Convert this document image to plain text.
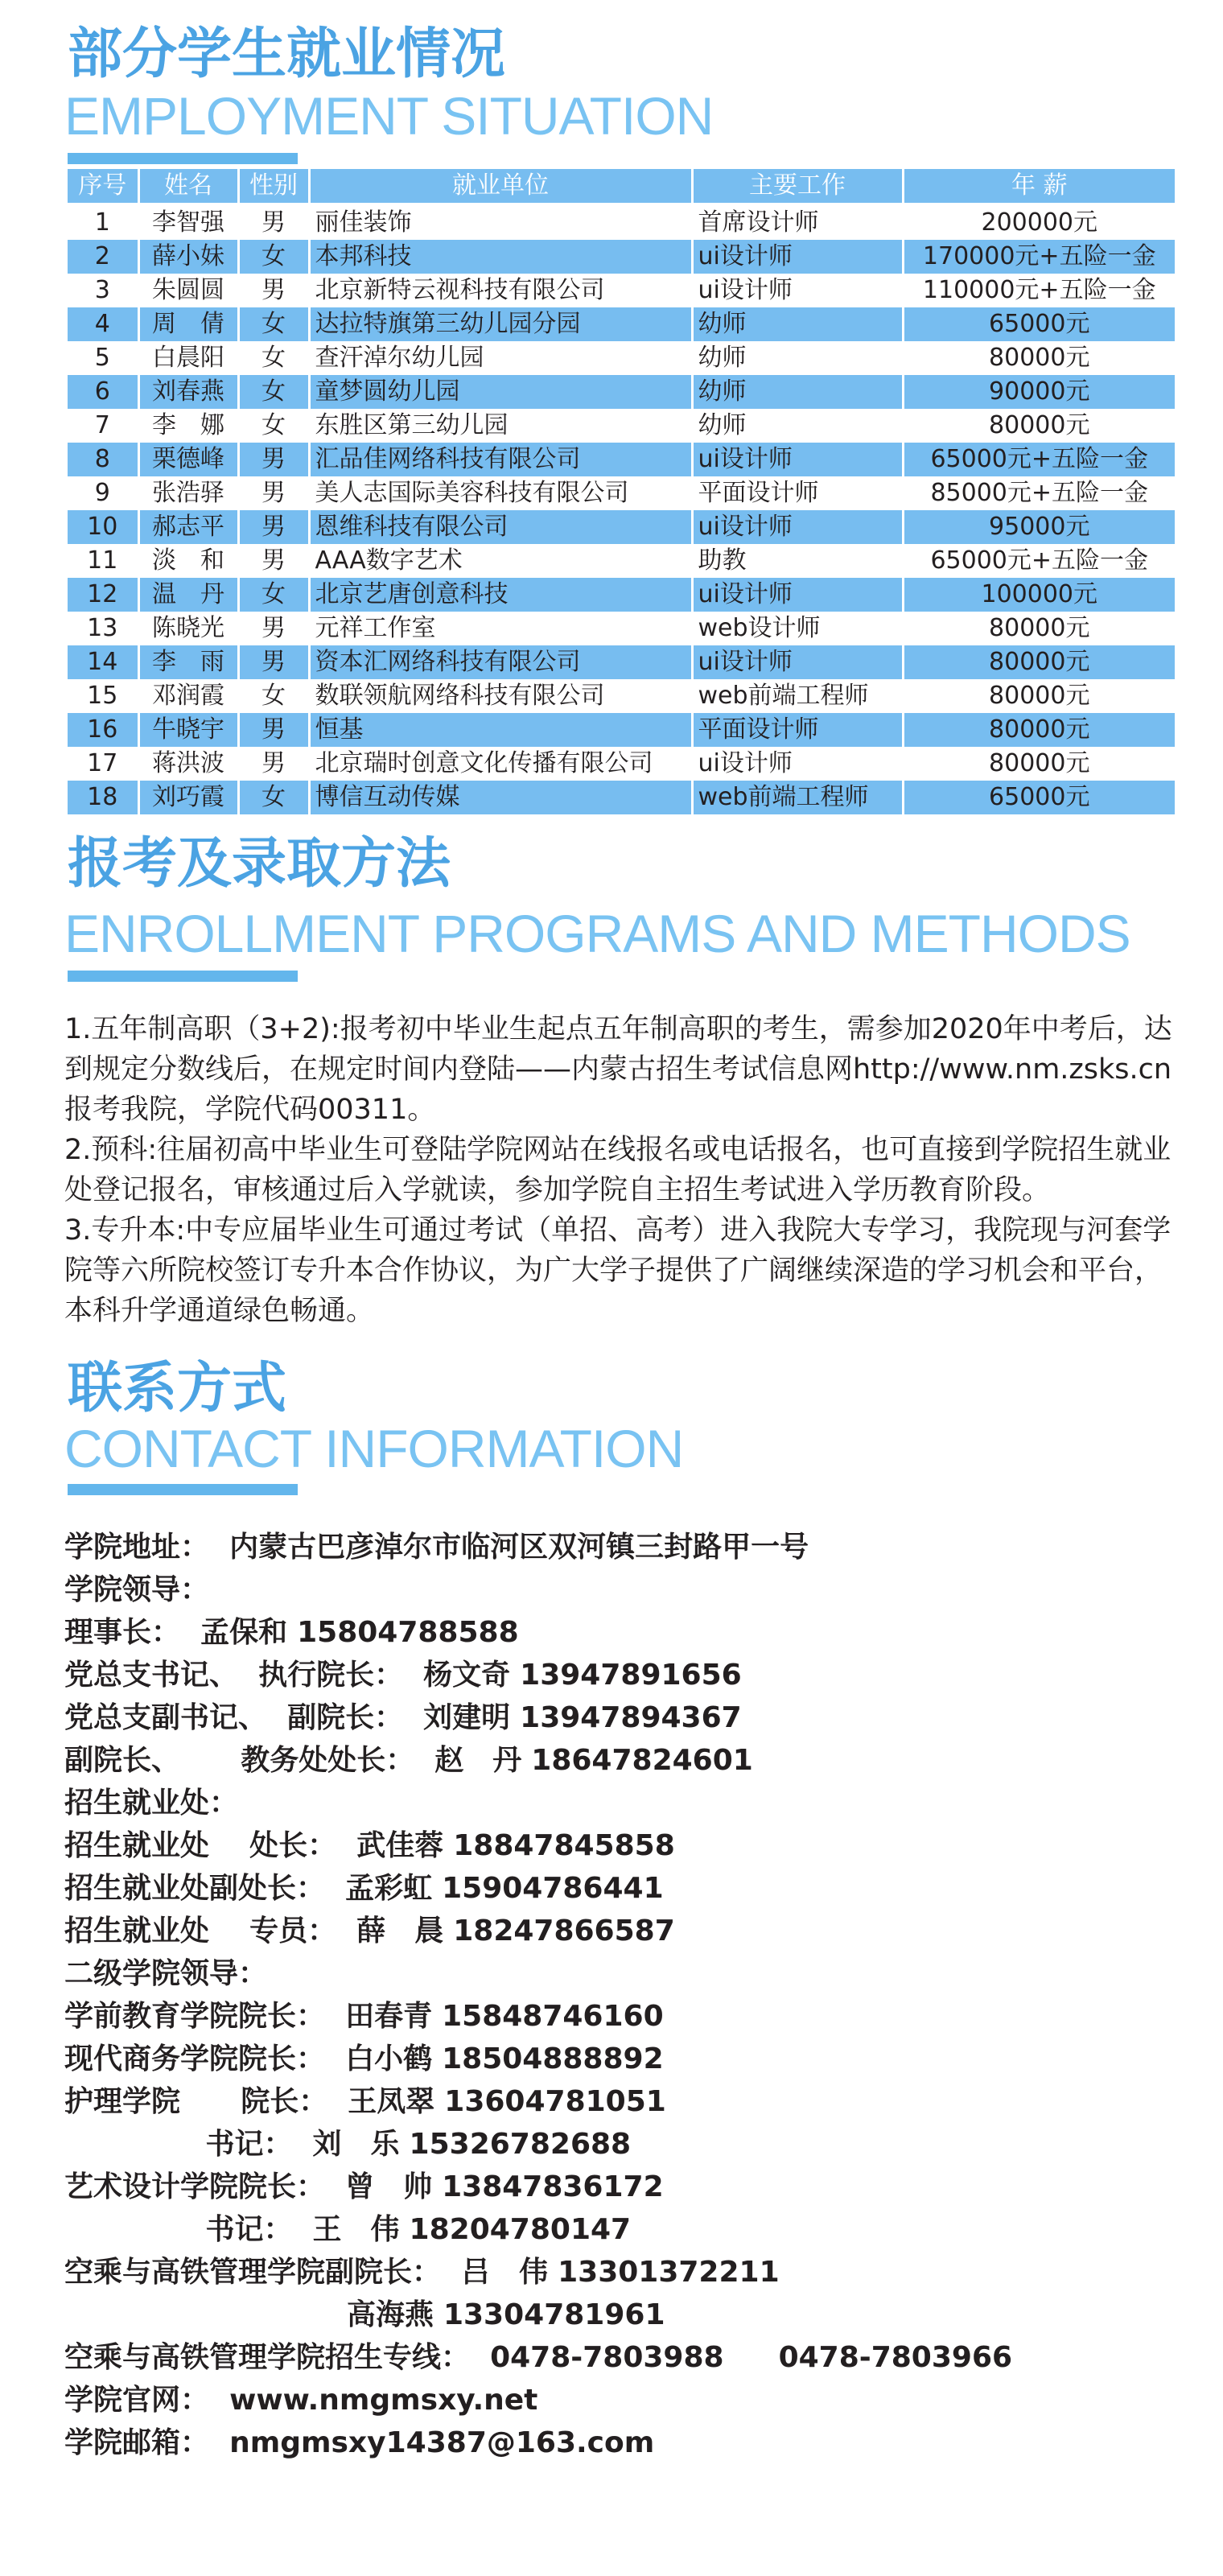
部分学生就业情况
EMPLOYMENT SITUATION
序号	姓名	性别	就业单位	主要工作	年 薪
1	李智强	男	丽佳装饰	首席设计师	200000元
2	薛小妹	女	本邦科技	ui设计师	170000元+五险一金
3	朱圆圆	男	北京新特云视科技有限公司	ui设计师	110000元+五险一金
4	周　倩	女	达拉特旗第三幼儿园分园	幼师	65000元
5	白晨阳	女	查汗淖尔幼儿园	幼师	80000元
6	刘春燕	女	童梦圆幼儿园	幼师	90000元
7	李　娜	女	东胜区第三幼儿园	幼师	80000元
8	栗德峰	男	汇品佳网络科技有限公司	ui设计师	65000元+五险一金
9	张浩驿	男	美人志国际美容科技有限公司	平面设计师	85000元+五险一金
10	郝志平	男	恩维科技有限公司	ui设计师	95000元
11	淡　和	男	AAA数字艺术	助教	65000元+五险一金
12	温　丹	女	北京艺唐创意科技	ui设计师	100000元
13	陈晓光	男	元祥工作室	web设计师	80000元
14	李　雨	男	资本汇网络科技有限公司	ui设计师	80000元
15	邓润霞	女	数联领航网络科技有限公司	web前端工程师	80000元
16	牛晓宇	男	恒基	平面设计师	80000元
17	蒋洪波	男	北京瑞时创意文化传播有限公司	ui设计师	80000元
18	刘巧霞	女	博信互动传媒	web前端工程师	65000元
报考及录取方法
ENROLLMENT PROGRAMS AND METHODS

1.五年制高职（3+2):报考初中毕业生起点五年制高职的考生，需参加2020年中考后，达到规定分数线后，在规定时间内登陆——内蒙古招生考试信息网http://www.nm.zsks.cn报考我院，学院代码00311。

2.预科:往届初高中毕业生可登陆学院网站在线报名或电话报名，也可直接到学院招生就业处登记报名，审核通过后入学就读，参加学院自主招生考试进入学历教育阶段。

3.专升本:中专应届毕业生可通过考试（单招、高考）进入我院大专学习，我院现与河套学院等六所院校签订专升本合作协议，为广大学子提供了广阔继续深造的学习机会和平台，本科升学通道绿色畅通。

联系方式
CONTACT INFORMATION
学院地址： 内蒙古巴彦淖尔市临河区双河镇三封路甲一号
学院领导：
理事长： 孟保和 15804788588
党总支书记、  执行院长： 杨文奇 13947891656
党总支副书记、  副院长： 刘建明 13947894367
副院长、      教务处处长： 赵　丹 18647824601
招生就业处：
招生就业处    处长： 武佳蓉 18847845858
招生就业处副处长： 孟彩虹 15904786441
招生就业处    专员： 薛　晨 18247866587
二级学院领导：
学前教育学院院长： 田春青 15848746160
现代商务学院院长： 白小鹤 18504888892
护理学院      院长： 王凤翠 13604781051
书记： 刘　乐 15326782688
艺术设计学院院长： 曾　帅 13847836172
书记： 王　伟 18204780147
空乘与高铁管理学院副院长： 吕　伟 13301372211

高海燕 13304781961
空乘与高铁管理学院招生专线： 0478-7803988 0478-7803966
学院官网： www.nmgmsxy.net
学院邮箱： nmgmsxy14387@163.com
